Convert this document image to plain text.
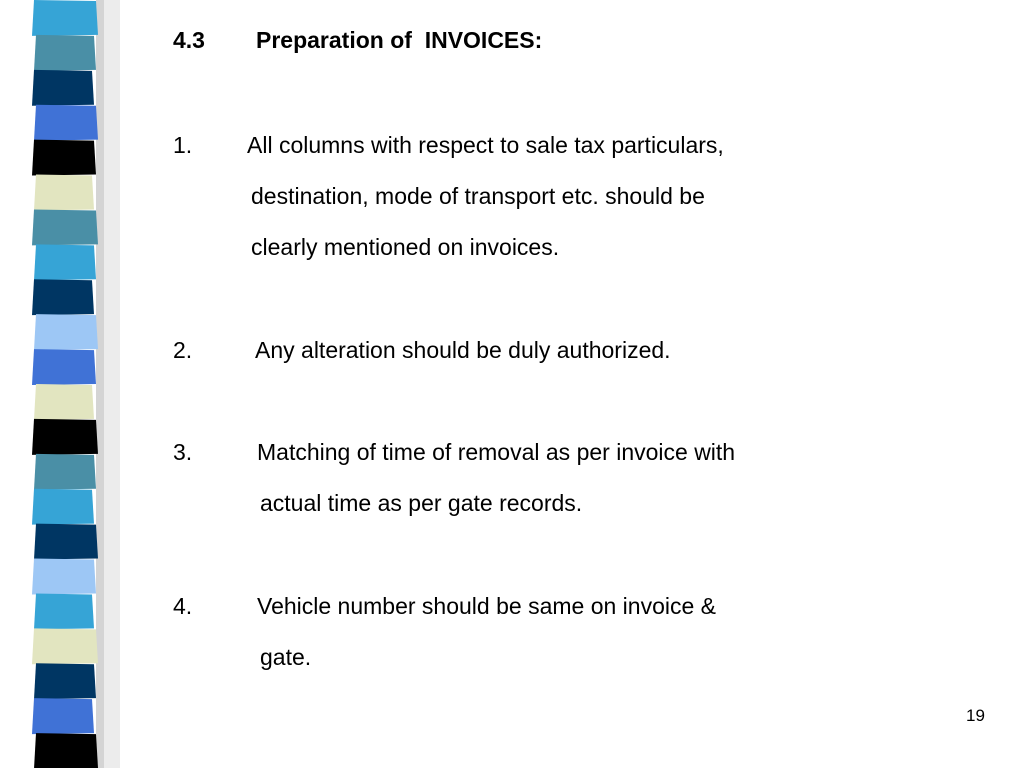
4.3

Preparation of  INVOICES:

1. All columns with respect to sale tax particulars,
destination, mode of transport etc. should be
clearly mentioned on invoices.
2.	Any alteration should be duly authorized.
3.	Matching of time of removal as per invoice with
actual time as per gate records.
4.	Vehicle number should be same on invoice &
gate.
19
